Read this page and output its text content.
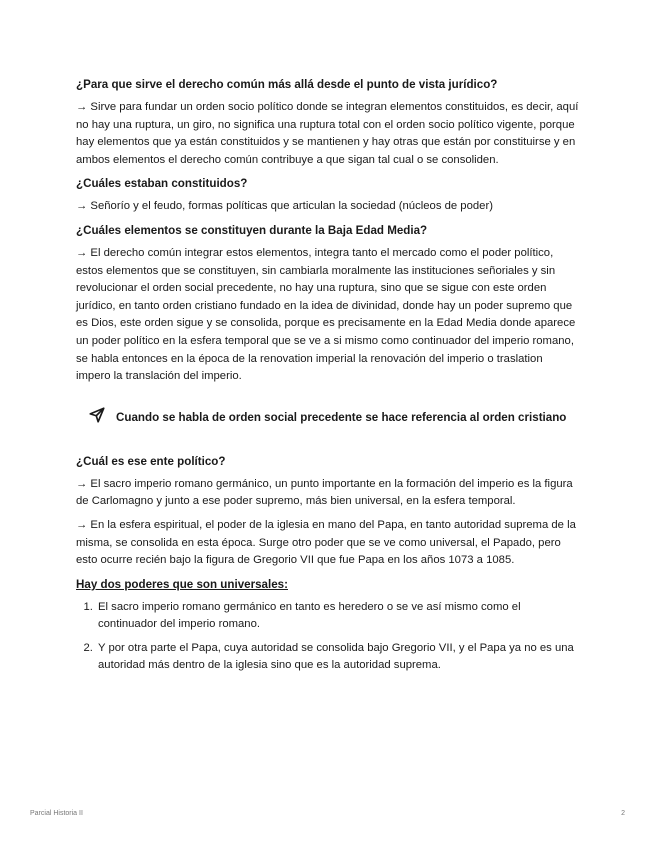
¿Para que sirve el derecho común más allá desde el punto de vista jurídico?

→ Sirve para fundar un orden socio político donde se integran elementos constituidos, es decir, aquí no hay una ruptura, un giro, no significa una ruptura total con el orden socio político vigente, porque hay elementos que ya están constituidos y se mantienen y hay otras que están por constituirse y en ambos elementos el derecho común contribuye a que sigan tal cual o se consoliden.

¿Cuáles estaban constituidos?

→ Señorío y el feudo, formas políticas que articulan la sociedad (núcleos de poder)

¿Cuáles elementos se constituyen durante la Baja Edad Media?

→ El derecho común integrar estos elementos, integra tanto el mercado como el poder político, estos elementos que se constituyen, sin cambiarla moralmente las instituciones señoriales y sin revolucionar el orden social precedente, no hay una ruptura, sino que se sigue con este orden jurídico, en tanto orden cristiano fundado en la idea de divinidad, donde hay un poder supremo que es Dios, este orden sigue y se consolida, porque es precisamente en la Edad Media donde aparece un poder político en la esfera temporal que se ve a si mismo como continuador del imperio romano, se habla entonces en la época de la renovation imperial la renovación del imperio o traslation impero la translación del imperio.

Cuando se habla de orden social precedente se hace referencia al orden cristiano

¿Cuál es ese ente político?

→ El sacro imperio romano germánico, un punto importante en la formación del imperio es la figura de Carlomagno y junto a ese poder supremo, más bien universal, en la esfera temporal.

→ En la esfera espiritual, el poder de la iglesia en mano del Papa, en tanto autoridad suprema de la misma, se consolida en esta época. Surge otro poder que se ve como universal, el Papado, pero esto ocurre recién bajo la figura de Gregorio VII que fue Papa en los años 1073 a 1085.

Hay dos poderes que son universales:

1. El sacro imperio romano germánico en tanto es heredero o se ve así mismo como el continuador del imperio romano.
2. Y por otra parte el Papa, cuya autoridad se consolida bajo Gregorio VII, y el Papa ya no es una autoridad más dentro de la iglesia sino que es la autoridad suprema.
Parcial Historia II	2
